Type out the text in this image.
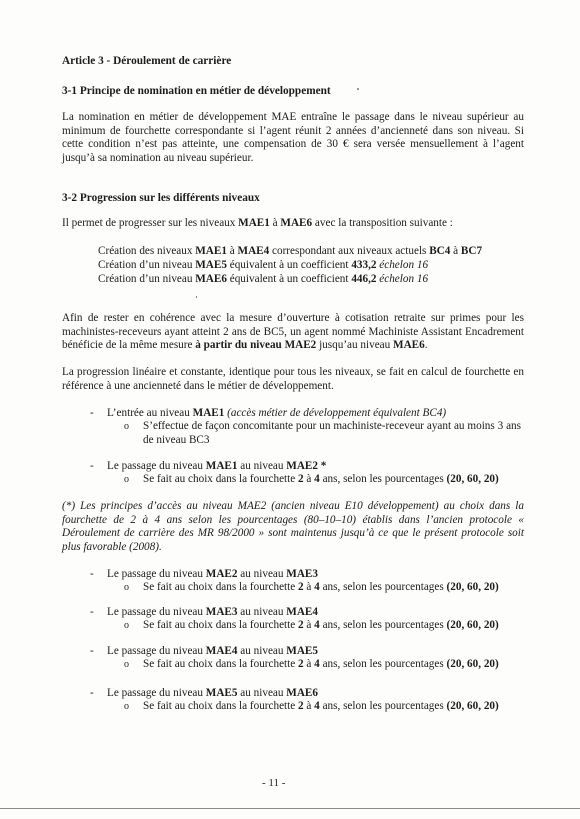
Article 3 - Déroulement de carrière
3-1 Principe de nomination en métier de développement
La nomination en métier de développement MAE entraîne le passage dans le niveau supérieur au minimum de fourchette correspondante si l’agent réunit 2 années d’ancienneté dans son niveau. Si cette condition n’est pas atteinte, une compensation de 30 € sera versée mensuellement à l’agent jusqu’à sa nomination au niveau supérieur.
3-2 Progression sur les différents niveaux
Il permet de progresser sur les niveaux MAE1 à MAE6 avec la transposition suivante :
Création des niveaux MAE1 à MAE4 correspondant aux niveaux actuels BC4 à BC7
Création d’un niveau MAE5 équivalent à un coefficient 433,2 échelon 16
Création d’un niveau MAE6 équivalent à un coefficient 446,2 échelon 16
Afin de rester en cohérence avec la mesure d’ouverture à cotisation retraite sur primes pour les machinistes-receveurs ayant atteint 2 ans de BC5, un agent nommé Machiniste Assistant Encadrement bénéficie de la même mesure à partir du niveau MAE2 jusqu’au niveau MAE6.
La progression linéaire et constante, identique pour tous les niveaux, se fait en calcul de fourchette en référence à une ancienneté dans le métier de développement.
- L’entrée au niveau MAE1 (accès métier de développement équivalent BC4)
o S’effectue de façon concomitante pour un machiniste-receveur ayant au moins 3 ans de niveau BC3
- Le passage du niveau MAE1 au niveau MAE2 *
o Se fait au choix dans la fourchette 2 à 4 ans, selon les pourcentages (20, 60, 20)
(*) Les principes d’accès au niveau MAE2 (ancien niveau E10 développement) au choix dans la fourchette de 2 à 4 ans selon les pourcentages (80–10–10) établis dans l’ancien protocole « Déroulement de carrière des MR 98/2000 » sont maintenus jusqu’à ce que le présent protocole soit plus favorable (2008).
- Le passage du niveau MAE2 au niveau MAE3
o Se fait au choix dans la fourchette 2 à 4 ans, selon les pourcentages (20, 60, 20)
- Le passage du niveau MAE3 au niveau MAE4
o Se fait au choix dans la fourchette 2 à 4 ans, selon les pourcentages (20, 60, 20)
- Le passage du niveau MAE4 au niveau MAE5
o Se fait au choix dans la fourchette 2 à 4 ans, selon les pourcentages (20, 60, 20)
- Le passage du niveau MAE5 au niveau MAE6
o Se fait au choix dans la fourchette 2 à 4 ans, selon les pourcentages (20, 60, 20)
- 11 -
